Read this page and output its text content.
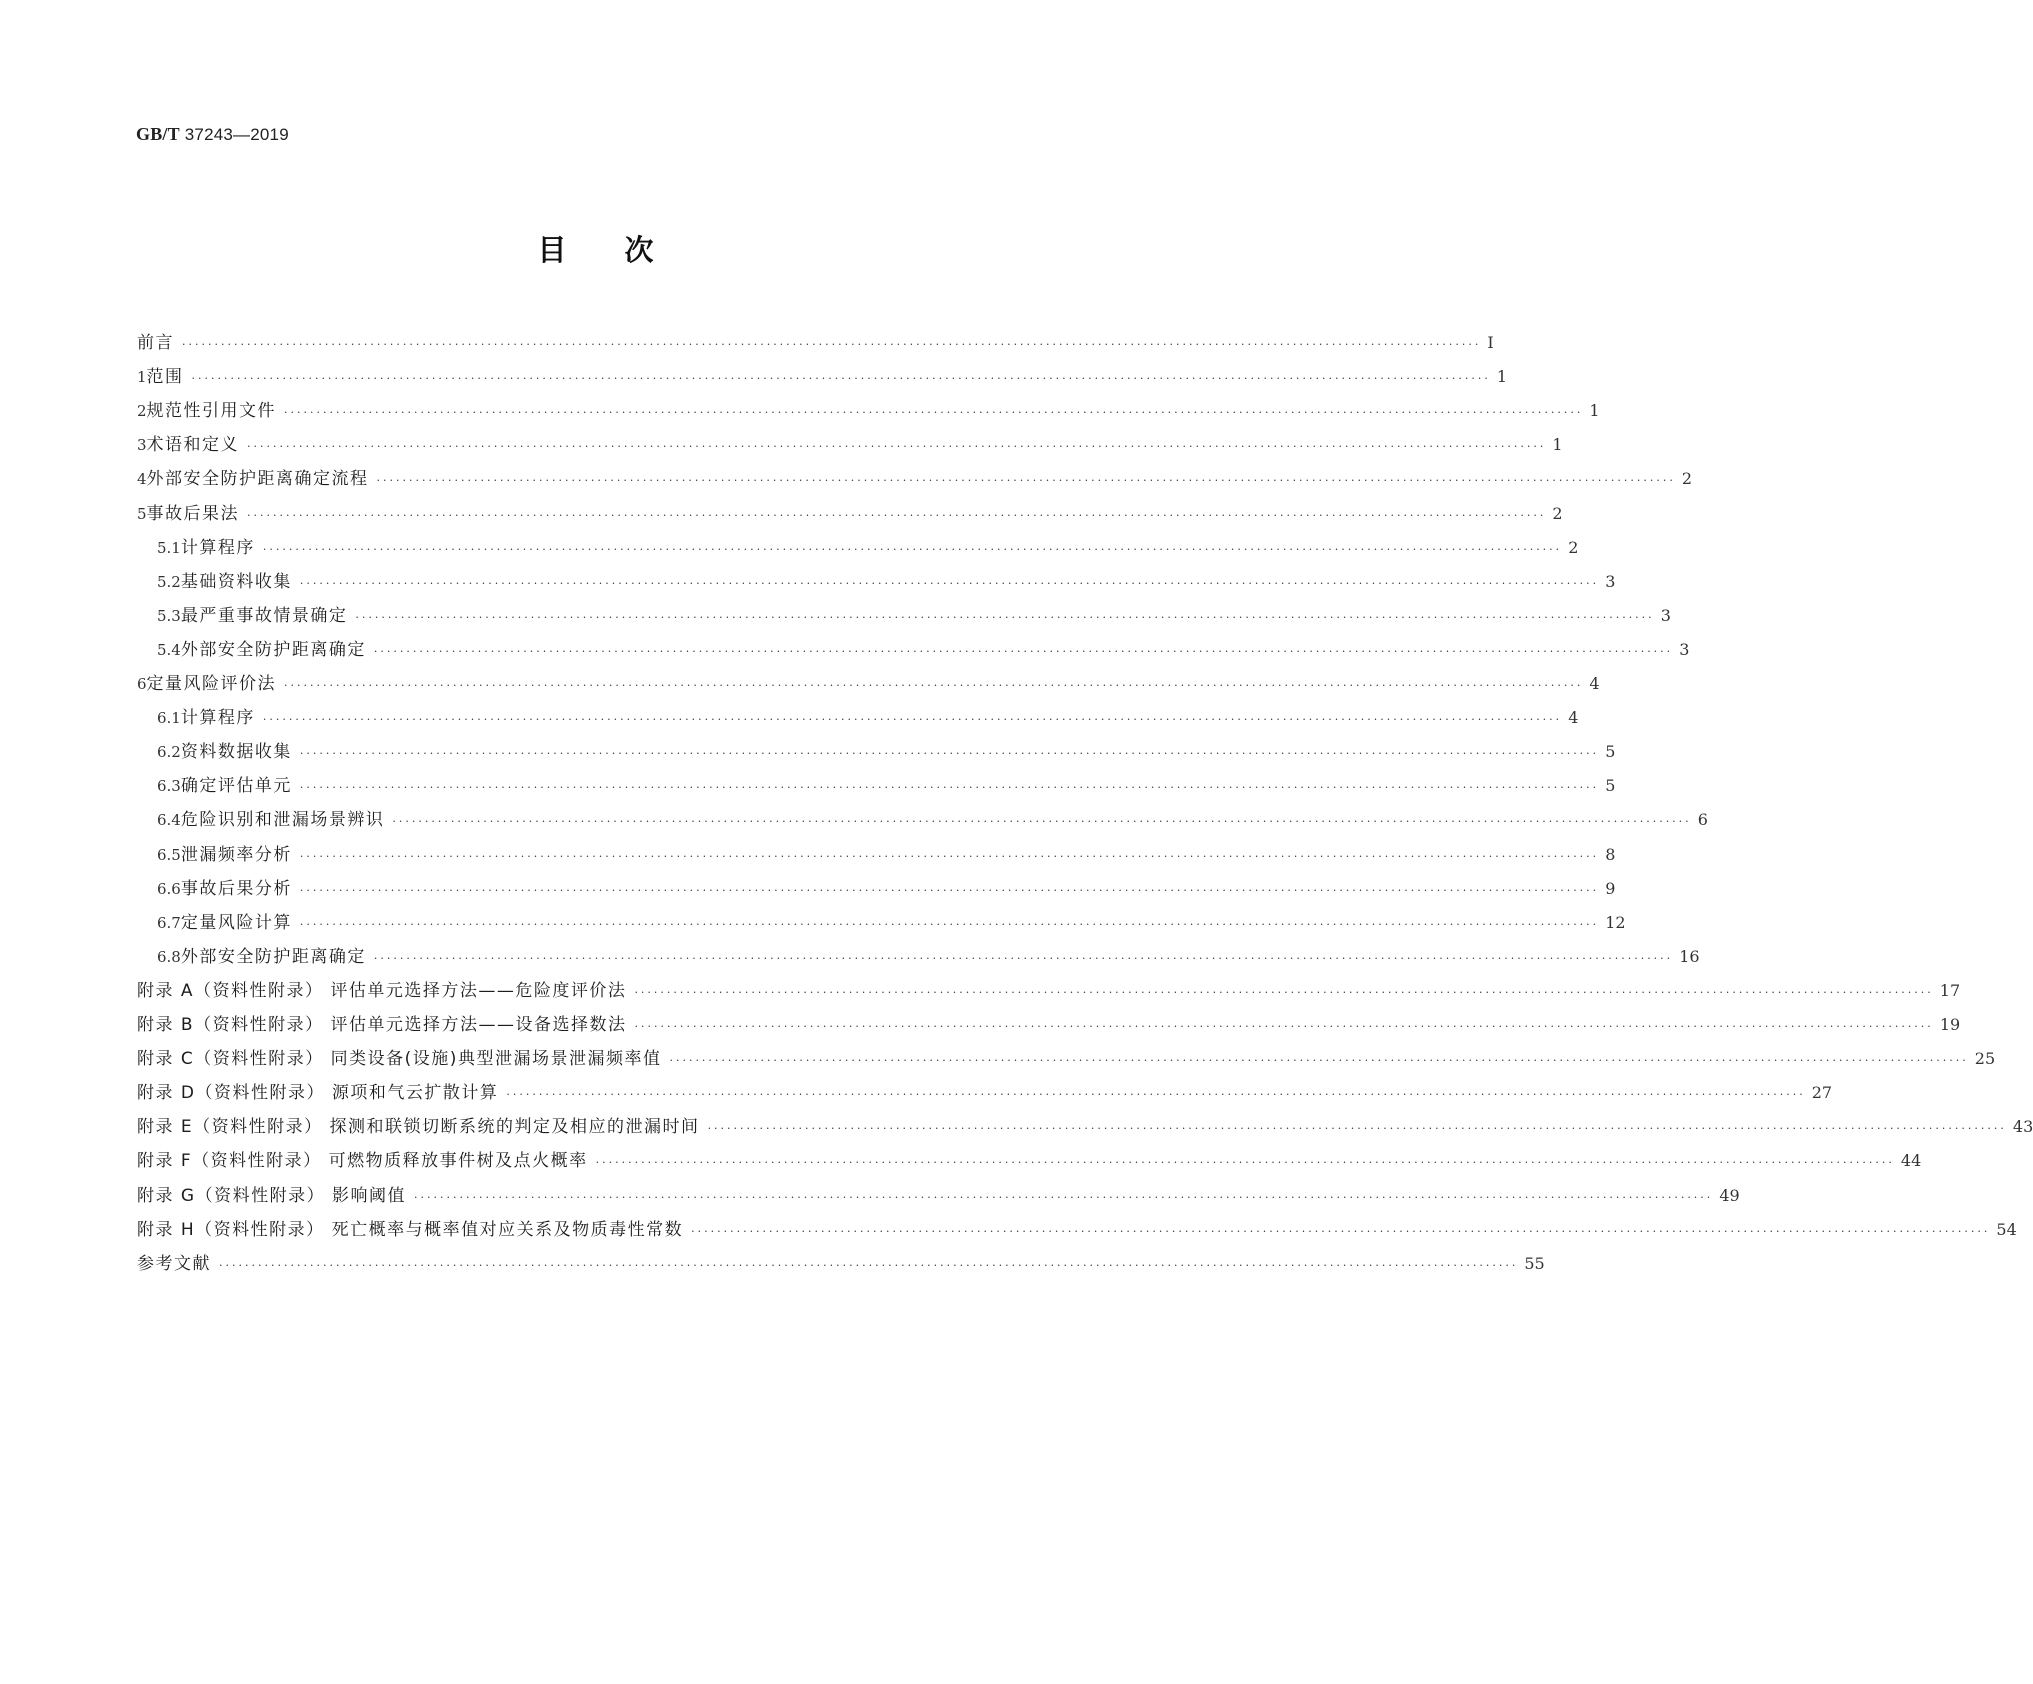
GB/T 37243—2019
目 次
前言 ········································································································································································································ Ⅰ
1 范围 ········································································································································································································ 1
2 规范性引用文件 ········································································································································································································ 1
3 术语和定义 ········································································································································································································ 1
4 外部安全防护距离确定流程 ········································································································································································································ 2
5 事故后果法 ········································································································································································································ 2
5.1 计算程序 ········································································································································································································ 2
5.2 基础资料收集 ········································································································································································································ 3
5.3 最严重事故情景确定 ········································································································································································································ 3
5.4 外部安全防护距离确定 ········································································································································································································ 3
6 定量风险评价法 ········································································································································································································ 4
6.1 计算程序 ········································································································································································································ 4
6.2 资料数据收集 ········································································································································································································ 5
6.3 确定评估单元 ········································································································································································································ 5
6.4 危险识别和泄漏场景辨识 ········································································································································································································ 6
6.5 泄漏频率分析 ········································································································································································································ 8
6.6 事故后果分析 ········································································································································································································ 9
6.7 定量风险计算 ········································································································································································································ 12
6.8 外部安全防护距离确定 ········································································································································································································ 16
附录 A（资料性附录） 评估单元选择方法——危险度评价法 ········································································································································································································ 17
附录 B（资料性附录） 评估单元选择方法——设备选择数法 ········································································································································································································ 19
附录 C（资料性附录） 同类设备(设施)典型泄漏场景泄漏频率值 ········································································································································································································ 25
附录 D（资料性附录） 源项和气云扩散计算 ········································································································································································································ 27
附录 E（资料性附录） 探测和联锁切断系统的判定及相应的泄漏时间 ········································································································································································································ 43
附录 F（资料性附录） 可燃物质释放事件树及点火概率 ········································································································································································································ 44
附录 G（资料性附录） 影响阈值 ········································································································································································································ 49
附录 H（资料性附录） 死亡概率与概率值对应关系及物质毒性常数 ········································································································································································································ 54
参考文献 ········································································································································································································ 55
